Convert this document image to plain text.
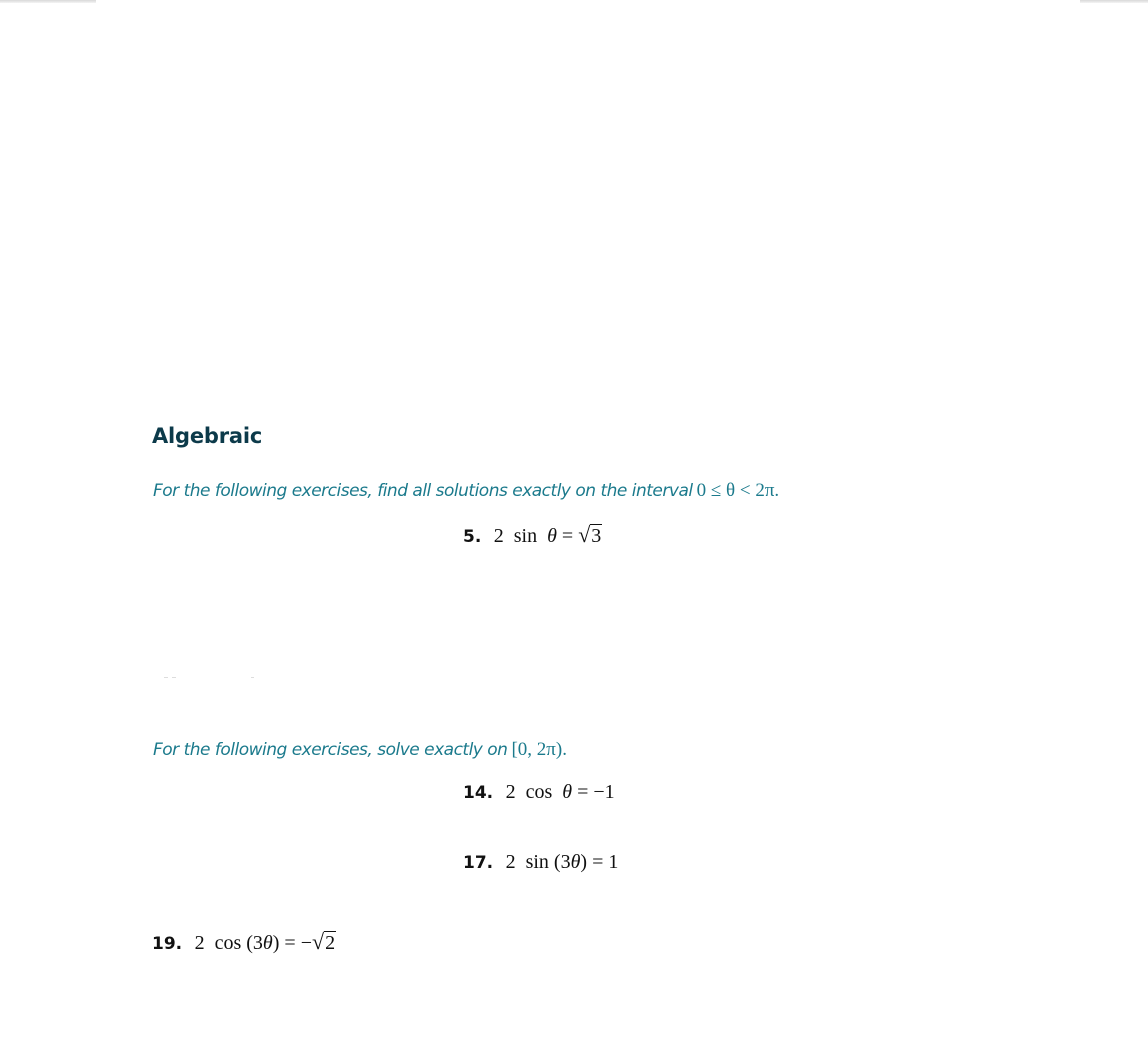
Algebraic
For the following exercises, find all solutions exactly on the interval 0 ≤ θ < 2π.
5. 2 sin θ = √3
For the following exercises, solve exactly on [0, 2π).
14. 2 cos θ = −1
17. 2 sin (3θ) = 1
19. 2 cos (3θ) = −√2
